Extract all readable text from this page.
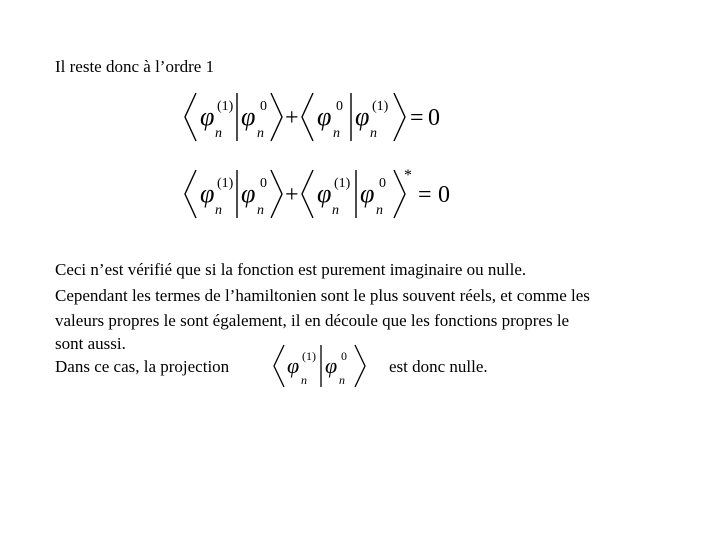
Il reste donc à l’ordre 1
φ (1)
n
φ 0
n
+ φ 0
n
φ (1)
n
= 0
φ (1)
n
φ 0
n
+ φ (1)
n
φ 0
n
*
= 0
Ceci n’est vérifié que si la fonction est purement imaginaire ou nulle.
Cependant les termes de l’hamiltonien sont le plus souvent réels, et comme les
valeurs propres le sont également, il en découle que les fonctions propres le
sont aussi.
Dans ce cas, la projection	φ (1)
n
φ 0
n
est donc nulle.
